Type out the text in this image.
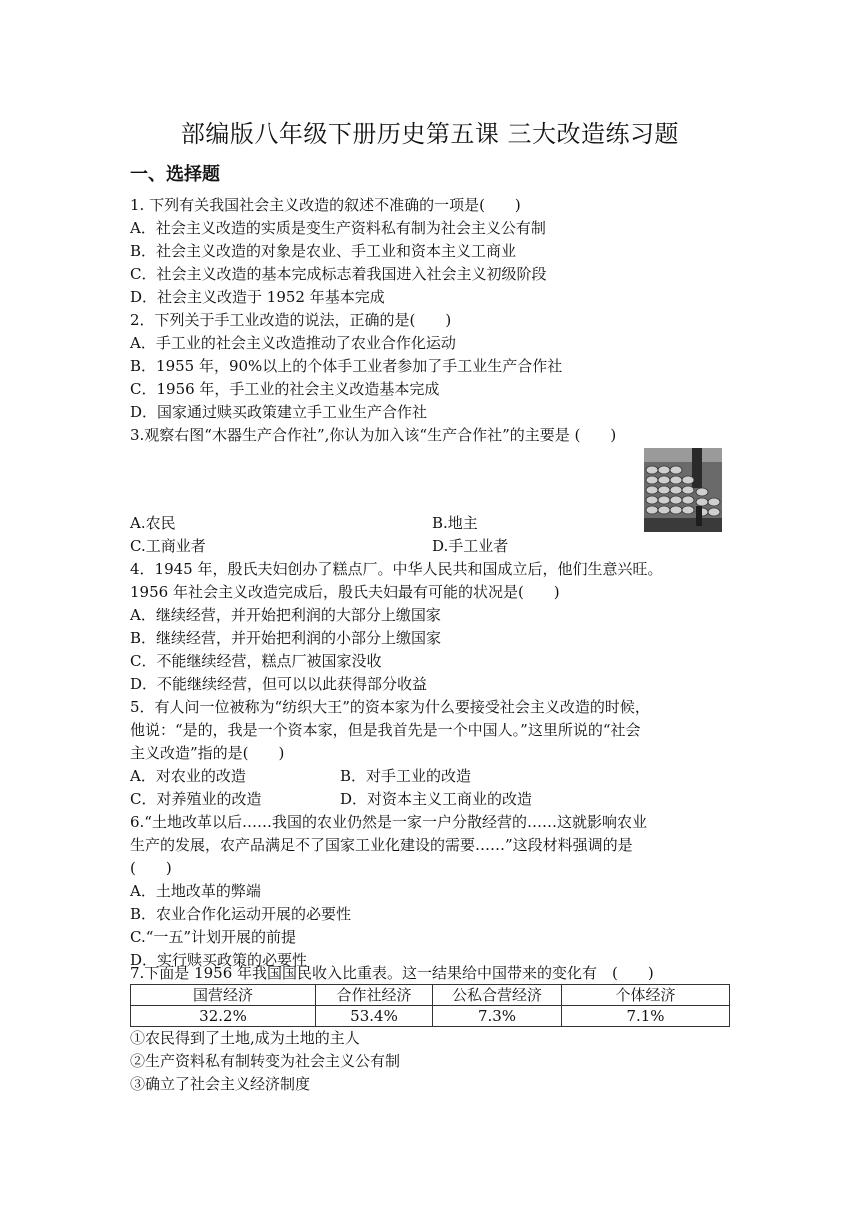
部编版八年级下册历史第五课 三大改造练习题
一、选择题
1. 下列有关我国社会主义改造的叙述不准确的一项是(　　)
A．社会主义改造的实质是变生产资料私有制为社会主义公有制
B．社会主义改造的对象是农业、手工业和资本主义工商业
C．社会主义改造的基本完成标志着我国进入社会主义初级阶段
D．社会主义改造于 1952 年基本完成
2．下列关于手工业改造的说法，正确的是(　　)
A．手工业的社会主义改造推动了农业合作化运动
B．1955 年，90%以上的个体手工业者参加了手工业生产合作社
C．1956 年，手工业的社会主义改造基本完成
D．国家通过赎买政策建立手工业生产合作社
3.观察右图“木器生产合作社”,你认为加入该“生产合作社”的主要是 (　　)
A.农民	B.地主
C.工商业者	D.手工业者
4．1945 年，殷氏夫妇创办了糕点厂。中华人民共和国成立后，他们生意兴旺。
1956 年社会主义改造完成后，殷氏夫妇最有可能的状况是(　　)
A．继续经营，并开始把利润的大部分上缴国家
B．继续经营，并开始把利润的小部分上缴国家
C．不能继续经营，糕点厂被国家没收
D．不能继续经营，但可以以此获得部分收益
5．有人问一位被称为“纺织大王”的资本家为什么要接受社会主义改造的时候，
他说：“是的，我是一个资本家，但是我首先是一个中国人。”这里所说的“社会
主义改造”指的是(　　)
A．对农业的改造	B．对手工业的改造
C．对养殖业的改造	D．对资本主义工商业的改造
6.“土地改革以后……我国的农业仍然是一家一户分散经营的……这就影响农业
生产的发展，农产品满足不了国家工业化建设的需要……”这段材料强调的是
(　　)
A．土地改革的弊端
B．农业合作化运动开展的必要性
C.“一五”计划开展的前提
D．实行赎买政策的必要性
7.下面是 1956 年我国国民收入比重表。这一结果给中国带来的变化有　(　　)
国营经济	合作社经济	公私合营经济	个体经济
32.2%	53.4%	7.3%	7.1%
①农民得到了土地,成为土地的主人
②生产资料私有制转变为社会主义公有制
③确立了社会主义经济制度
